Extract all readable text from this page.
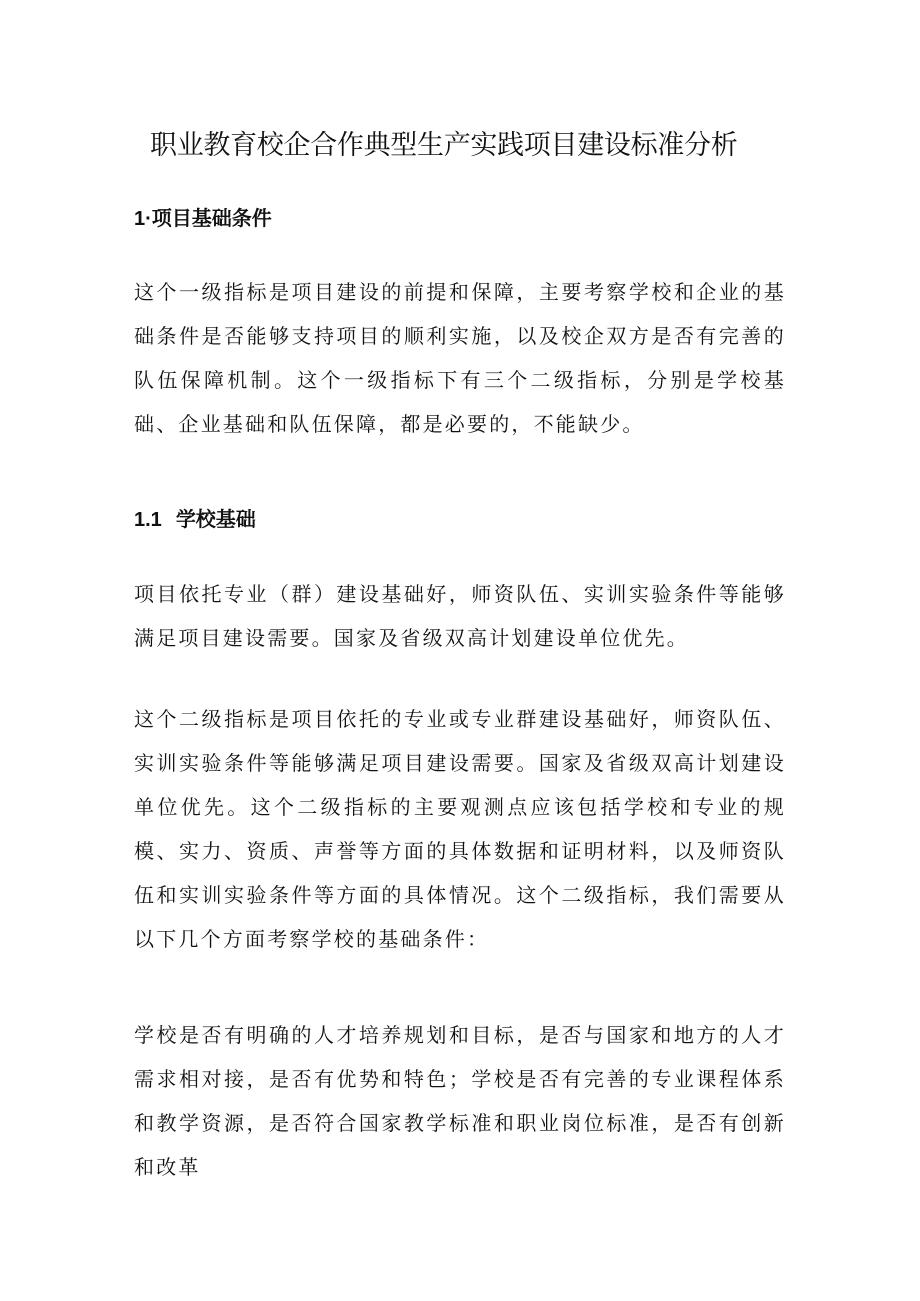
职业教育校企合作典型生产实践项目建设标准分析
1·项目基础条件

这个一级指标是项目建设的前提和保障，主要考察学校和企业的基础条件是否能够支持项目的顺利实施，以及校企双方是否有完善的队伍保障机制。这个一级指标下有三个二级指标，分别是学校基础、企业基础和队伍保障，都是必要的，不能缺少。

1.1 学校基础

项目依托专业（群）建设基础好，师资队伍、实训实验条件等能够满足项目建设需要。国家及省级双高计划建设单位优先。

这个二级指标是项目依托的专业或专业群建设基础好，师资队伍、实训实验条件等能够满足项目建设需要。国家及省级双高计划建设单位优先。这个二级指标的主要观测点应该包括学校和专业的规模、实力、资质、声誉等方面的具体数据和证明材料，以及师资队伍和实训实验条件等方面的具体情况。这个二级指标，我们需要从以下几个方面考察学校的基础条件：

学校是否有明确的人才培养规划和目标，是否与国家和地方的人才需求相对接，是否有优势和特色；学校是否有完善的专业课程体系和教学资源，是否符合国家教学标准和职业岗位标准，是否有创新和改革
